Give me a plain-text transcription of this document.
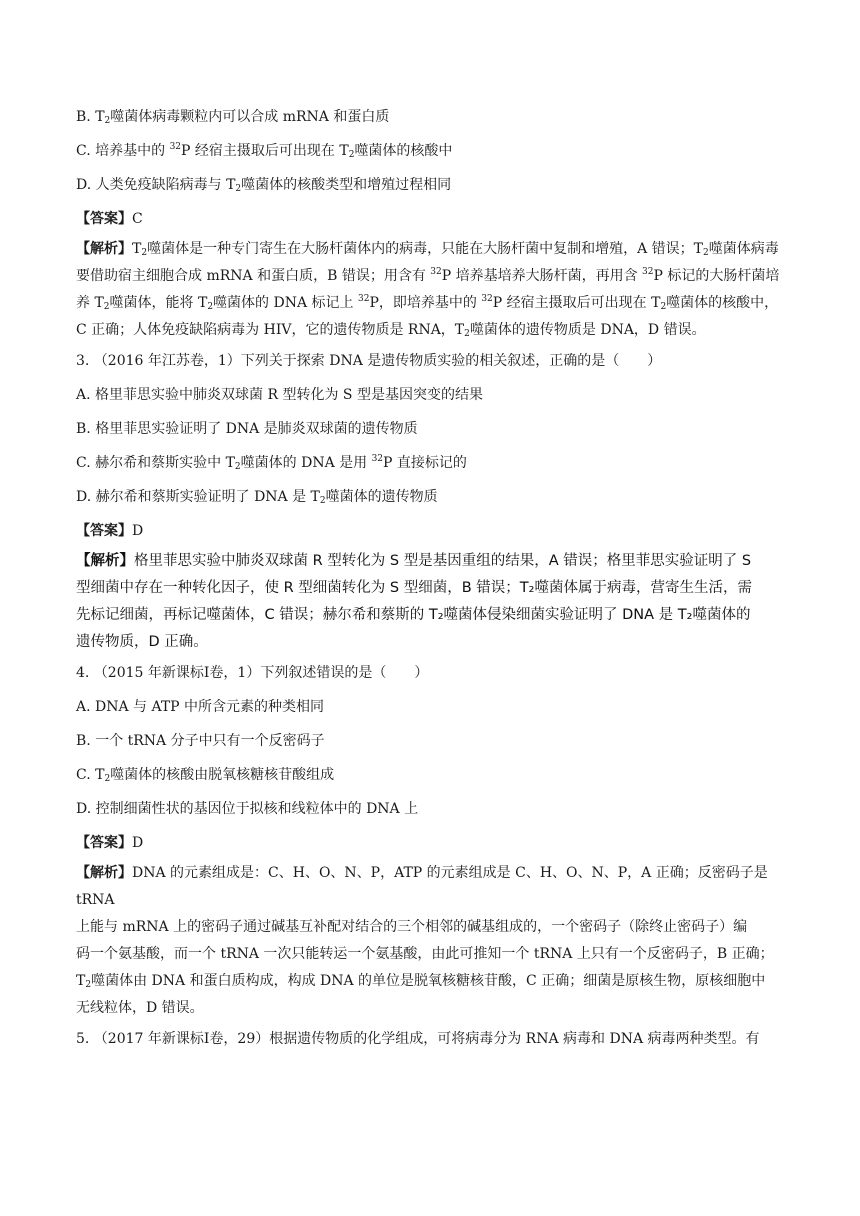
B. $T_2$噬菌体病毒颗粒内可以合成 mRNA 和蛋白质
C. 培养基中的 $^{32}$P 经宿主摄取后可出现在 $T_2$噬菌体的核酸中
D. 人类免疫缺陷病毒与 $T_2$噬菌体的核酸类型和增殖过程相同
【答案】C

【解析】$T_2$噬菌体是一种专门寄生在大肠杆菌体内的病毒，只能在大肠杆菌中复制和增殖，A 错误；$T_2$噬菌体病毒要借助宿主细胞合成 mRNA 和蛋白质，B 错误；用含有 $^{32}$P 培养基培养大肠杆菌，再用含 $^{32}$P 标记的大肠杆菌培养 $T_2$噬菌体，能将 $T_2$噬菌体的 DNA 标记上 $^{32}$P，即培养基中的 $^{32}$P 经宿主摄取后可出现在 $T_2$噬菌体的核酸中，C 正确；人体免疫缺陷病毒为 HIV，它的遗传物质是 RNA，$T_2$噬菌体的遗传物质是 DNA，D 错误。

3. （2016 年江苏卷，1）下列关于探索 DNA 是遗传物质实验的相关叙述，正确的是（　　）
A. 格里菲思实验中肺炎双球菌 R 型转化为 S 型是基因突变的结果
B. 格里菲思实验证明了 DNA 是肺炎双球菌的遗传物质
C. 赫尔希和蔡斯实验中 $T_2$噬菌体的 DNA 是用 $^{32}$P 直接标记的
D. 赫尔希和蔡斯实验证明了 DNA 是 $T_2$噬菌体的遗传物质
【答案】D

【解析】格里菲思实验中肺炎双球菌 R 型转化为 S 型是基因重组的结果，A 错误；格里菲思实验证明了 S

型细菌中存在一种转化因子，使 R 型细菌转化为 S 型细菌，B 错误；T₂噬菌体属于病毒，营寄生生活，需

先标记细菌，再标记噬菌体，C 错误；赫尔希和蔡斯的 T₂噬菌体侵染细菌实验证明了 DNA 是 T₂噬菌体的

遗传物质，D 正确。

4. （2015 年新课标Ⅰ卷，1）下列叙述错误的是（　　）
A. DNA 与 ATP 中所含元素的种类相同
B. 一个 tRNA 分子中只有一个反密码子
C. $T_2$噬菌体的核酸由脱氧核糖核苷酸组成
D. 控制细菌性状的基因位于拟核和线粒体中的 DNA 上
【答案】D

【解析】DNA 的元素组成是：C、H、O、N、P，ATP 的元素组成是 C、H、O、N、P，A 正确；反密码子是 tRNA

上能与 mRNA 上的密码子通过碱基互补配对结合的三个相邻的碱基组成的，一个密码子（除终止密码子）编

码一个氨基酸，而一个 tRNA 一次只能转运一个氨基酸，由此可推知一个 tRNA 上只有一个反密码子，B 正确；

$T_2$噬菌体由 DNA 和蛋白质构成，构成 DNA 的单位是脱氧核糖核苷酸，C 正确；细菌是原核生物，原核细胞中

无线粒体，D 错误。

5. （2017 年新课标Ⅰ卷，29）根据遗传物质的化学组成，可将病毒分为 RNA 病毒和 DNA 病毒两种类型。有
